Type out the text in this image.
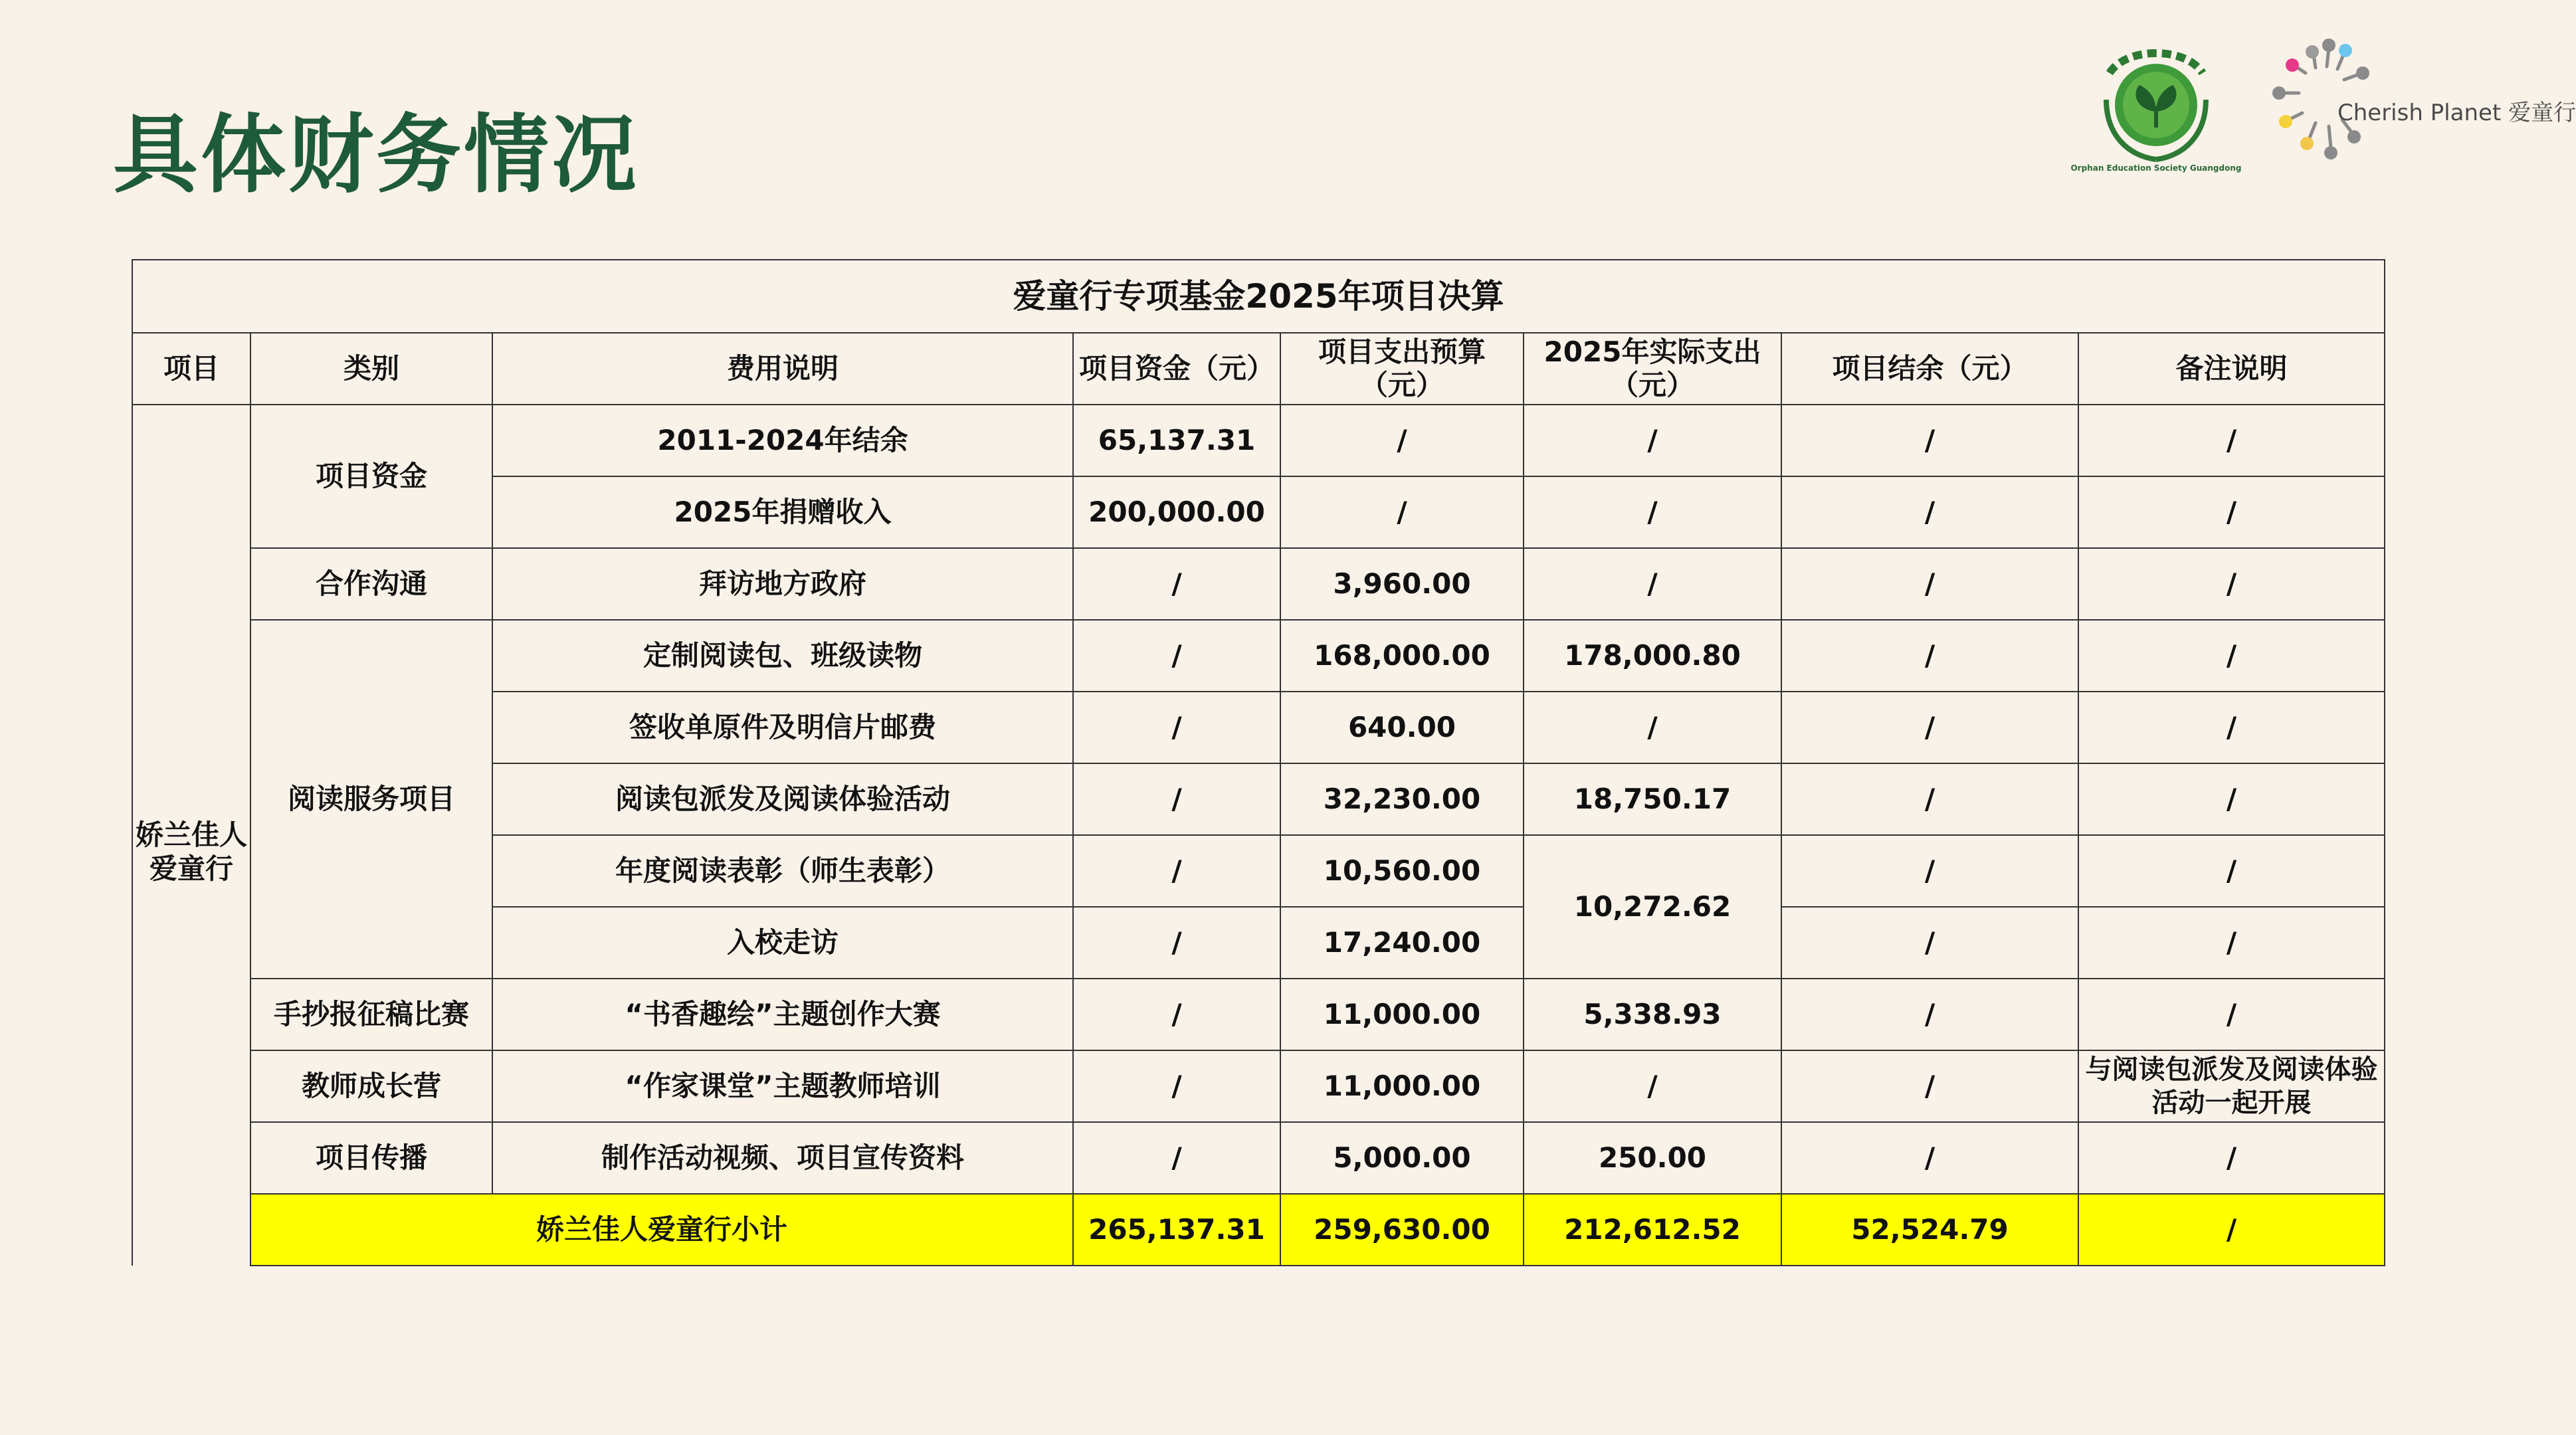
具体财务情况	Orphan Education Society Guangdong
Cherish Planet 爱童行
爱童行专项基金2025年项目决算							
项目	类别	费用说明	项目资金（元）	项目支出预算（元）	2025年实际支出（元）	项目结余（元）	备注说明

娇兰佳人
爱童行	项目资金	2011-2024年结余	65,137.31	/	/	/	/
		2025年捐赠收入	200,000.00	/	/	/	/
	合作沟通	拜访地方政府	/	3,960.00	/	/	/
	阅读服务项目	定制阅读包、班级读物	/	168,000.00	178,000.80	/	/
		签收单原件及明信片邮费	/	640.00	/	/	/
		阅读包派发及阅读体验活动	/	32,230.00	18,750.17	/	/
		年度阅读表彰（师生表彰）	/	10,560.00	10,272.62	/	/
		入校走访	/	17,240.00		/	/
	手抄报征稿比赛	“书香趣绘”主题创作大赛	/	11,000.00	5,338.93	/	/
	教师成长营	“作家课堂”主题教师培训	/	11,000.00	/	/	与阅读包派发及阅读体验活动一起开展
	项目传播	制作活动视频、项目宣传资料	/	5,000.00	250.00	/	/
	娇兰佳人爱童行小计		265,137.31	259,630.00	212,612.52	52,524.79	/
